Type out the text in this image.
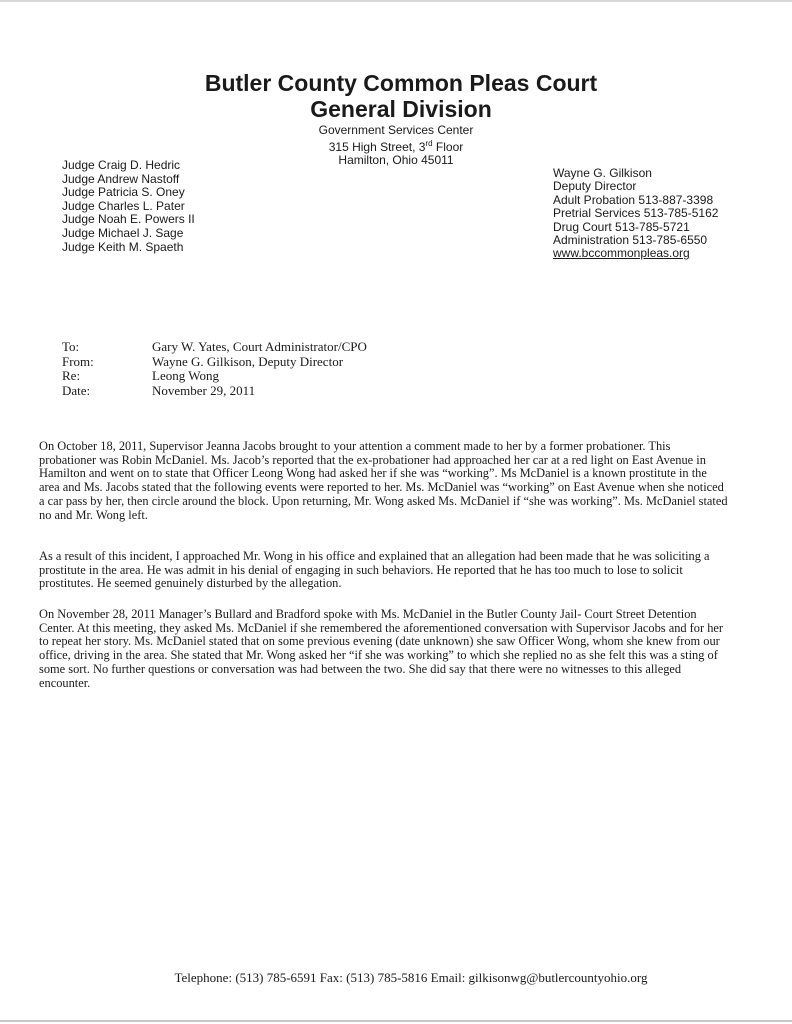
Butler County Common Pleas Court
General Division
Government Services Center
315 High Street, 3rd Floor
Hamilton, Ohio 45011
Judge Craig D. Hedric
Judge Andrew Nastoff
Judge Patricia S. Oney
Judge Charles L. Pater
Judge Noah E. Powers II
Judge Michael J. Sage
Judge Keith M. Spaeth
Wayne G. Gilkison
Deputy Director
Adult Probation 513-887-3398
Pretrial Services 513-785-5162
Drug Court 513-785-5721
Administration 513-785-6550
www.bccommonpleas.org
To:	Gary W. Yates, Court Administrator/CPO
From:	Wayne G. Gilkison, Deputy Director
Re:	Leong Wong
Date:	November 29, 2011

On October 18, 2011, Supervisor Jeanna Jacobs brought to your attention a comment made to her by a former probationer. This probationer was Robin McDaniel. Ms. Jacob’s reported that the ex-probationer had approached her car at a red light on East Avenue in Hamilton and went on to state that Officer Leong Wong had asked her if she was “working”. Ms McDaniel is a known prostitute in the area and Ms. Jacobs stated that the following events were reported to her. Ms. McDaniel was “working” on East Avenue when she noticed a car pass by her, then circle around the block. Upon returning, Mr. Wong asked Ms. McDaniel if “she was working”. Ms. McDaniel stated no and Mr. Wong left.

As a result of this incident, I approached Mr. Wong in his office and explained that an allegation had been made that he was soliciting a prostitute in the area. He was admit in his denial of engaging in such behaviors. He reported that he has too much to lose to solicit prostitutes. He seemed genuinely disturbed by the allegation.

On November 28, 2011 Manager’s Bullard and Bradford spoke with Ms. McDaniel in the Butler County Jail- Court Street Detention Center. At this meeting, they asked Ms. McDaniel if she remembered the aforementioned conversation with Supervisor Jacobs and for her to repeat her story. Ms. McDaniel stated that on some previous evening (date unknown) she saw Officer Wong, whom she knew from our office, driving in the area. She stated that Mr. Wong asked her “if she was working” to which she replied no as she felt this was a sting of some sort. No further questions or conversation was had between the two. She did say that there were no witnesses to this alleged encounter.

Telephone: (513) 785-6591 Fax: (513) 785-5816 Email: gilkisonwg@butlercountyohio.org
